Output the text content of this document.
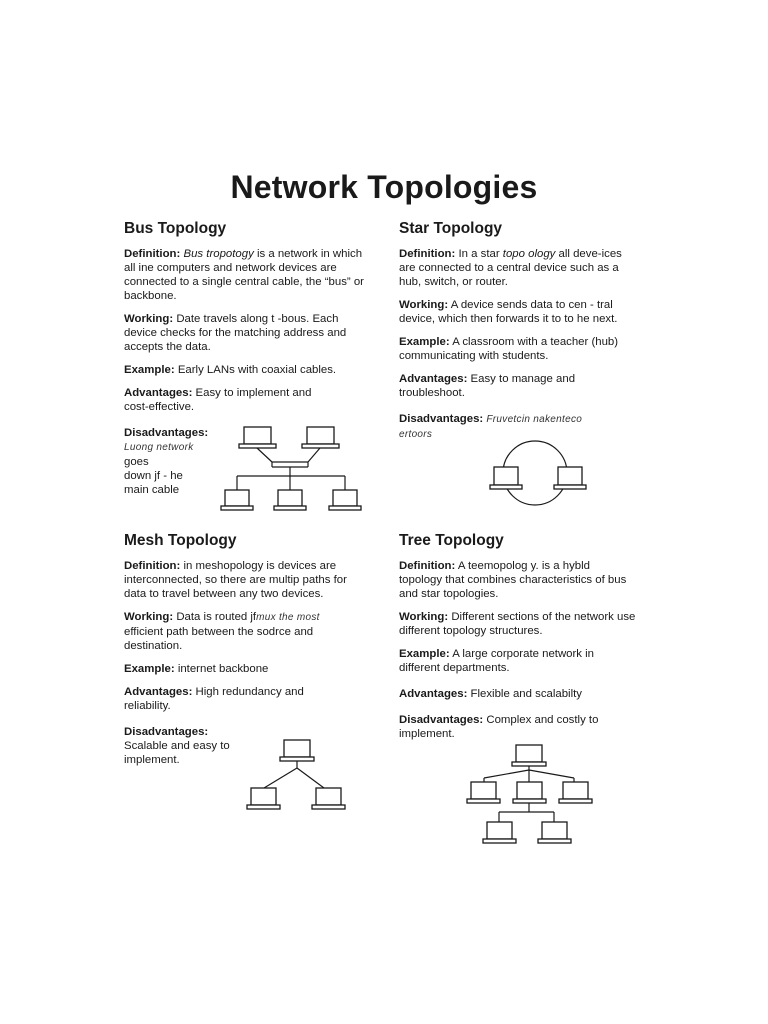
Network Topologies
Bus Topology
Definition: Bus tropotogy is a network in which all ine computers and network devices are connected to a single central cable, the “bus” or backbone.
Working: Date travels along t -bous. Each device checks for the matching address and accepts the data.
Example: Early LANs with coaxial cables.
Advantages: Easy to implement and cost-effective.
Disadvantages:
Luong network
goes
down jf - he
main cable
Star Topology
Definition: In a star topo ology all deve-ices are connected to a central device such as a hub, switch, or router.
Working: A device sends data to cen - tral device, which then forwards it to to he next.
Example: A classroom with a teacher (hub) communicating with students.
Advantages: Easy to manage and troubleshoot.
Disadvantages: Fruvetcin nakenteco
ertoors
Mesh Topology
Definition: in meshopology is devices are interconnected, so there are multip paths for data to travel between any two devices.
Working: Data is routed jfmux the most efficient path between the sodrce and destination.
Example: internet backbone
Advantages: High redundancy and reliability.
Disadvantages:
Scalable and easy to implement.
Tree Topology
Definition: A teemopolog y. is a hybld topology that combines characteristics of bus and star topologies.
Working: Different sections of the network use different topology structures.
Example: A large corporate network in different departments.
Advantages: Flexible and scalabilty
Disadvantages: Complex and costly to implement.
